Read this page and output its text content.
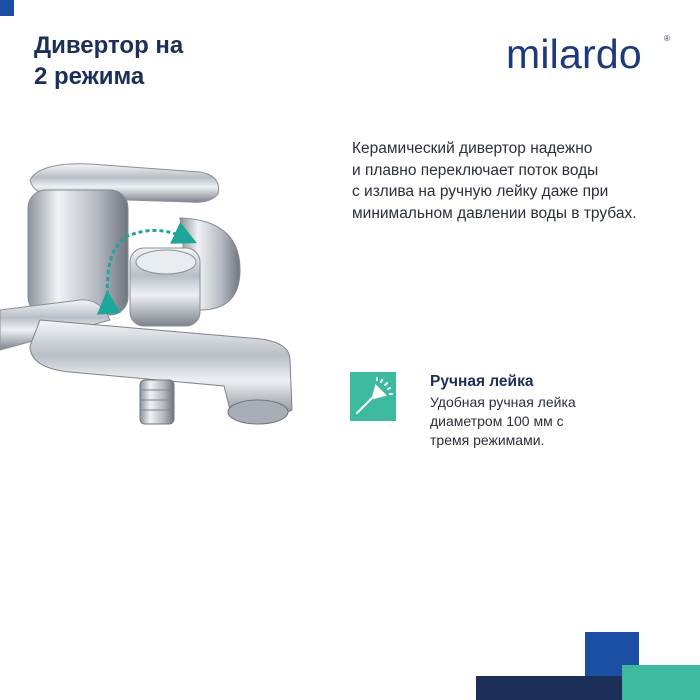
Дивертор на
2 режима	milardo	®
Керамический дивертор надежно
и плавно переключает поток воды
с излива на ручную лейку даже при
минимальном давлении воды в трубах.
Ручная лейка
Удобная ручная лейка
диаметром 100 мм с
тремя режимами.
